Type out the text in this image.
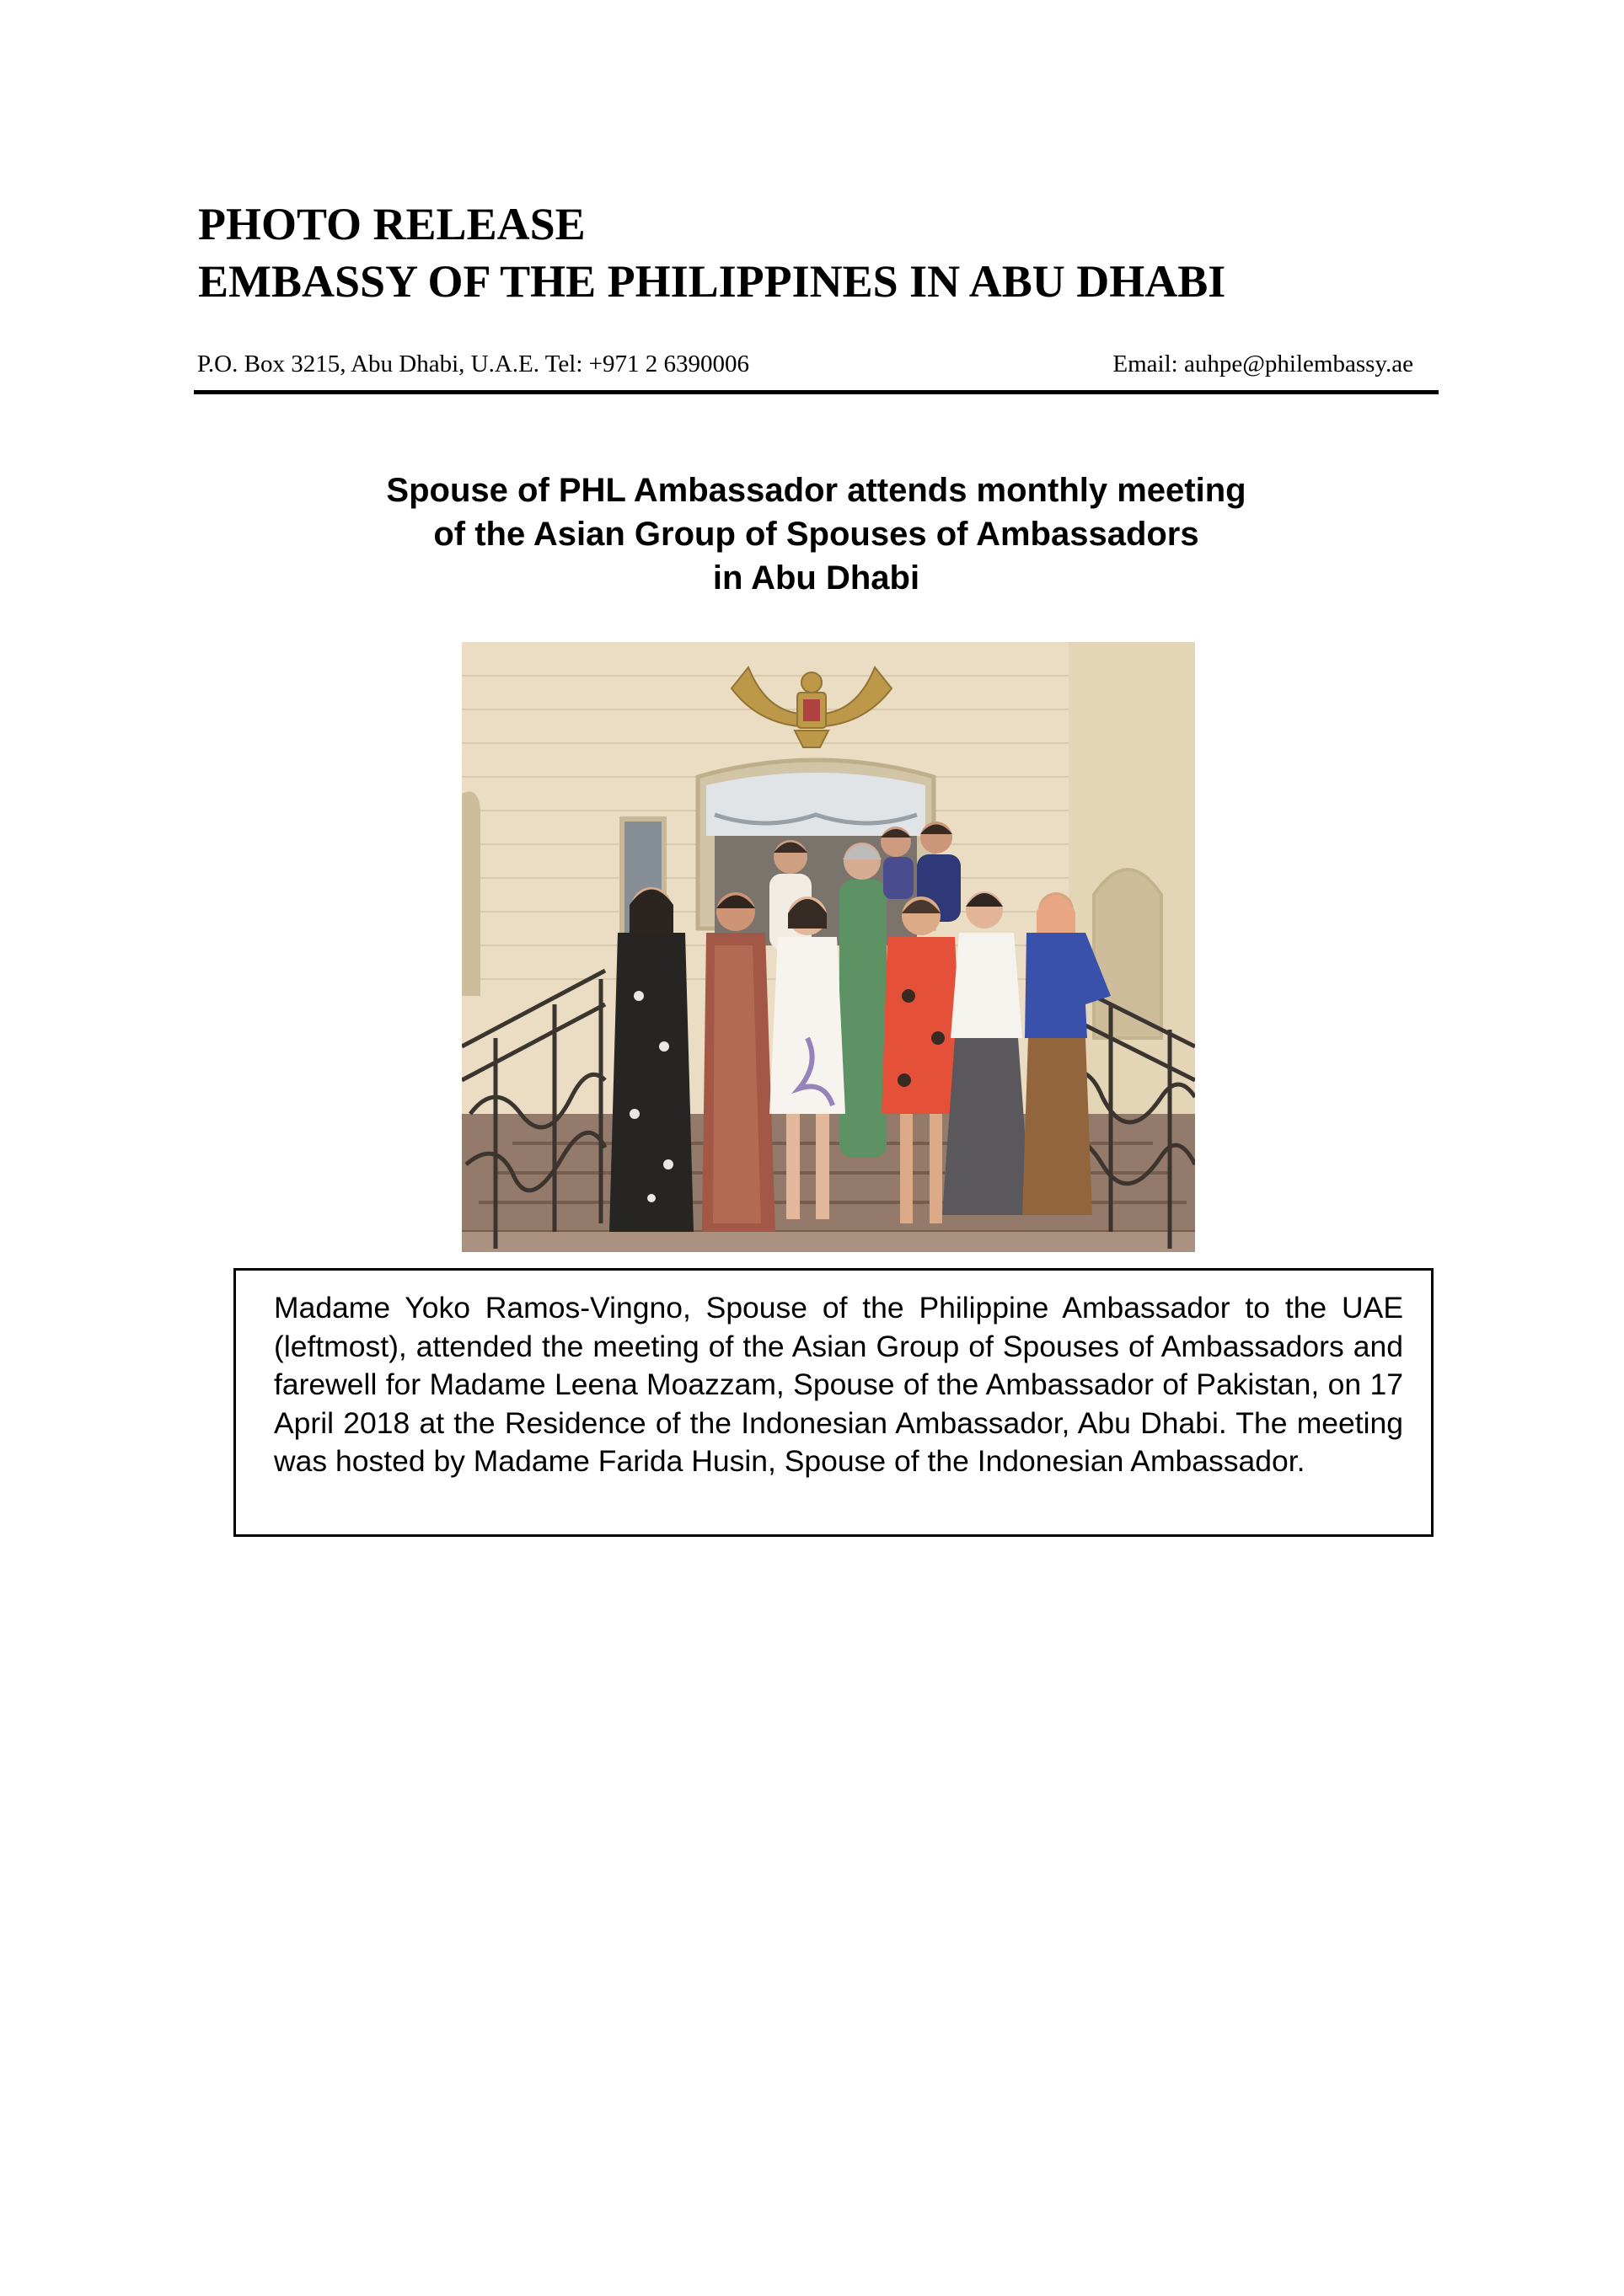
PHOTO RELEASE
EMBASSY OF THE PHILIPPINES IN ABU DHABI
P.O. Box 3215, Abu Dhabi, U.A.E. Tel: +971 2 6390006	Email: auhpe@philembassy.ae
Spouse of PHL Ambassador attends monthly meeting
of the Asian Group of Spouses of Ambassadors
in Abu Dhabi

Madame Yoko Ramos-Vingno, Spouse of the Philippine Ambassador to the UAE (leftmost), attended the meeting of the Asian Group of Spouses of Ambassadors and farewell for Madame Leena Moazzam, Spouse of the Ambassador of Pakistan, on 17 April 2018 at the Residence of the Indonesian Ambassador, Abu Dhabi. The meeting was hosted by Madame Farida Husin, Spouse of the Indonesian Ambassador.
